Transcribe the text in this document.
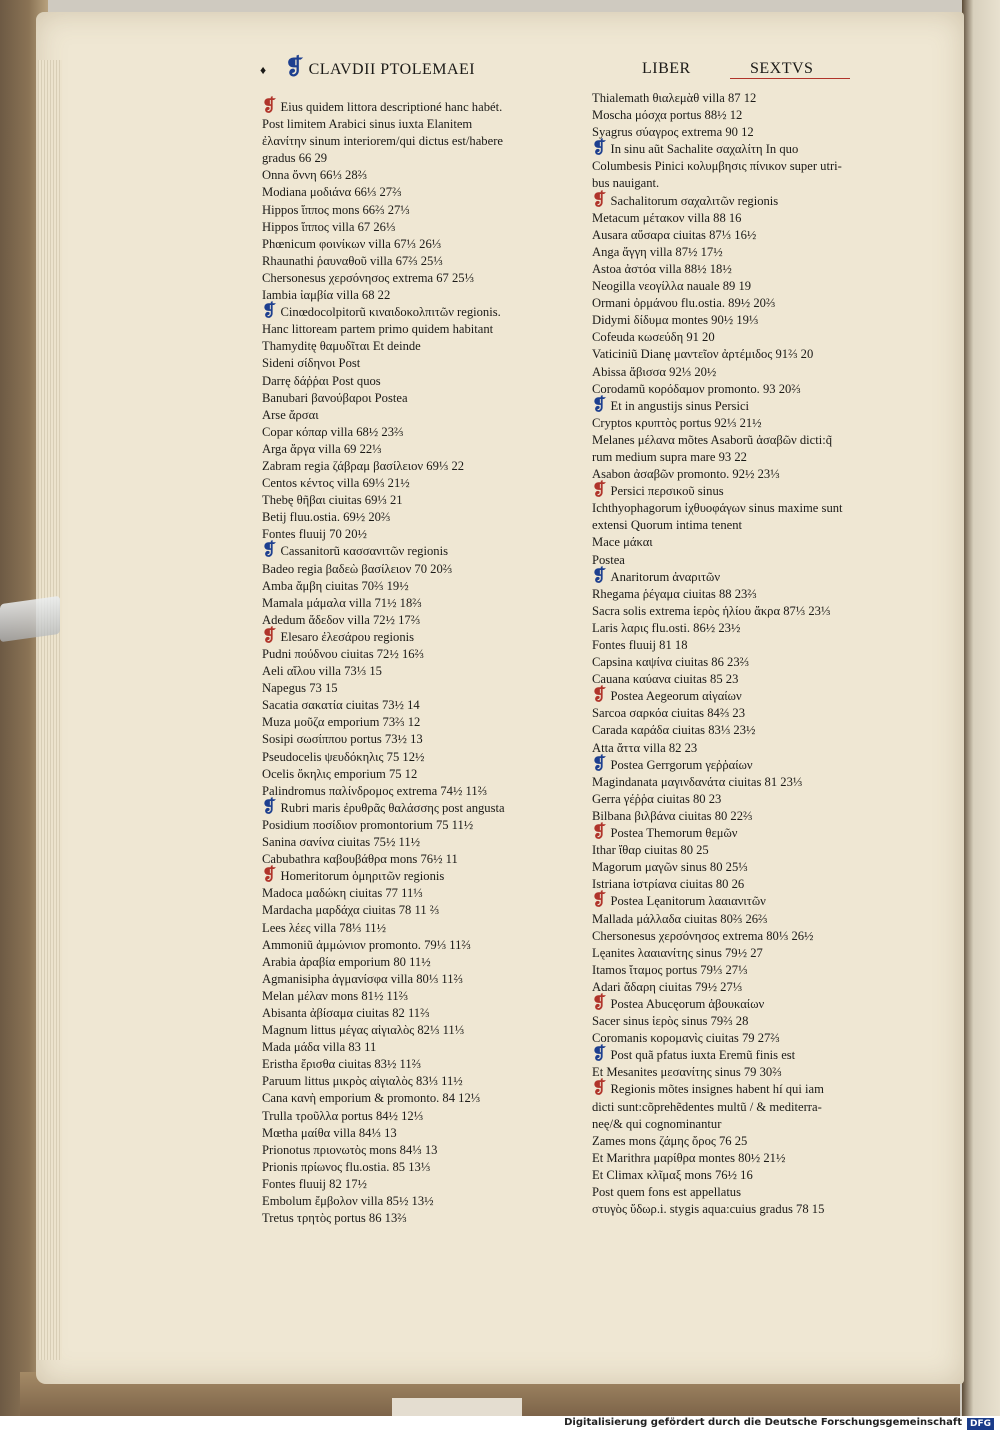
♦ ❡ CLAVDII PTOLEMAEI	LIBER	SEXTVS
❡ Eius quidem littora descriptioné hanc habét.
Post limitem Arabici sinus iuxta Elanitem
ἐλανίτην sinum interiorem/qui dictus est/habere
gradus 66 29
Onna ὄννη 66⅓ 28⅔
Modiana μοδιάνα 66⅓ 27⅔
Hippos ἵππος mons 66⅔ 27⅓
Hippos ἵππος villa 67 26⅓
Phœnicum φοινίκων villa 67⅓ 26⅓
Rhaunathi ῥαυναθοῦ villa 67⅔ 25⅓
Chersonesus χερσόνησος extrema 67 25⅓
Iambia ἰαμβία villa 68 22
❡ Cinœdocolpitorũ κιναιδοκολπιτῶν regionis.
Hanc littoream partem primo quidem habitant
Thamyditę θαμυδῖται Et deinde
Sideni σίδηνοι Post
Darrę δάῤῥαι Post quos
Banubari βανούβαροι Postea
Arse ἄρσαι
Copar κόπαρ villa 68½ 23⅔
Arga ἄργα villa 69 22⅓
Zabram regia ζάβραμ βασίλειον 69⅓ 22
Centos κέντος villa 69⅓ 21½
Thebę θῆβαι ciuitas 69⅓ 21
Betij fluu.ostia. 69½ 20⅔
Fontes fluuij 70 20½
❡ Cassanitorũ κασσανιτῶν regionis
Badeo regia βαδεὼ βασίλειον 70 20⅔
Amba ἄμβη ciuitas 70⅔ 19½
Mamala μάμαλα villa 71½ 18⅔
Adedum ἄδεδον villa 72½ 17⅔
❡ Elesaro ἐλεσάρου regionis
Pudni πούδνου ciuitas 72½ 16⅔
Aeli αἴλου villa 73⅓ 15
Napegus 73 15
Sacatia σακατία ciuitas 73½ 14
Muza μοῦζα emporium 73⅔ 12
Sosipi σωσίππου portus 73½ 13
Pseudocelis ψευδόκηλις 75 12½
Ocelis ὄκηλις emporium 75 12
Palindromus παλίνδρομος extrema 74½ 11⅔
❡ Rubri maris ἐρυθρᾶς θαλάσσης post angusta
Posidium ποσίδιον promontorium 75 11½
Sanina σανίνα ciuitas 75½ 11½
Cabubathra καβουβάθρα mons 76½ 11
❡ Homeritorum ὁμηριτῶν regionis
Madoca μαδώκη ciuitas 77 11⅓
Mardacha μαρδάχα ciuitas 78 11 ⅔
Lees λέες villa 78⅓ 11½
Ammoniũ ἀμμώνιον promonto. 79⅓ 11⅔
Arabia ἀραβία emporium 80 11½
Agmanisipha ἀγμανίσφα villa 80⅓ 11⅔
Melan μέλαν mons 81½ 11⅔
Abisanta ἀβίσαμα ciuitas 82 11⅔
Magnum littus μέγας αἰγιαλὸς 82⅓ 11⅓
Mada μάδα villa 83 11
Eristha ἔρισθα ciuitas 83½ 11⅔
Paruum littus μικρὸς αἰγιαλὸς 83⅓ 11½
Cana κανὴ emporium & promonto. 84 12⅓
Trulla τροῦλλα portus 84½ 12⅓
Mœtha μαίθα villa 84⅓ 13
Prionotus πριονωτὸς mons 84⅓ 13
Prionis πρίωνος flu.ostia. 85 13⅓
Fontes fluuij 82 17½
Embolum ἔμβολον villa 85½ 13½
Tretus τρητὸς portus 86 13⅔
Thialemath θιαλεμὰθ villa 87 12
Moscha μόσχα portus 88½ 12
Syagrus σύαγρος extrema 90 12
❡ In sinu aũt Sachalite σαχαλίτη In quo
Columbesis Pinici κολυμβησις πίνικον super utri-
bus nauigant.
❡ Sachalitorum σαχαλιτῶν regionis
Metacum μέτακον villa 88 16
Ausara αὔσαρα ciuitas 87⅓ 16½
Anga ἄγγη villa 87½ 17½
Astoa ἀστόα villa 88½ 18½
Neogilla νεογίλλα nauale 89 19
Ormani ὀρμάνου flu.ostia. 89½ 20⅔
Didymi δίδυμα montes 90½ 19⅓
Cofeuda κωσεύδη 91 20
Vaticiniũ Dianę μαντεῖον ἀρτέμιδος 91⅔ 20
Abissa ἄβισσα 92⅓ 20½
Corodamũ κορόδαμον promonto. 93 20⅔
❡ Et in angustijs sinus Persici
Cryptos κρυπτὸς portus 92⅓ 21½
Melanes μέλανα mõtes Asaborũ ἀσαβῶν dicti:q̃
rum medium supra mare 93 22
Asabon ἀσαβῶν promonto. 92½ 23⅓
❡ Persici περσικοῦ sinus
Ichthyophagorum ἰχθυοφάγων sinus maxime sunt
extensi Quorum intima tenent
Mace μάκαι
Postea
❡ Anaritorum ἀναριτῶν
Rhegama ῥέγαμα ciuitas 88 23⅔
Sacra solis extrema ἱερὸς ἡλίου ἄκρα 87⅓ 23⅓
Laris λαρις flu.osti. 86½ 23½
Fontes fluuij 81 18
Capsina καψίνα ciuitas 86 23⅔
Cauana καύανα ciuitas 85 23
❡ Postea Aegeorum αἰγαίων
Sarcoa σαρκόα ciuitas 84⅔ 23
Carada καράδα ciuitas 83⅓ 23½
Atta ἄττα villa 82 23
❡ Postea Gerrgorum γεῤῥαίων
Magindanata μαγινδανάτα ciuitas 81 23⅓
Gerra γέῤῥα ciuitas 80 23
Bilbana βιλβάνα ciuitas 80 22⅔
❡ Postea Themorum θεμῶν
Ithar ἴθαρ ciuitas 80 25
Magorum μαγῶν sinus 80 25⅓
Istriana ἰστρίανα ciuitas 80 26
❡ Postea Lęanitorum λααιανιτῶν
Mallada μάλλαδα ciuitas 80⅔ 26⅔
Chersonesus χερσόνησος extrema 80⅓ 26½
Lęanites λααιανίτης sinus 79½ 27
Itamos ἴταμος portus 79⅓ 27⅓
Adari ἄδαρη ciuitas 79½ 27⅓
❡ Postea Abucęorum ἀβουκαίων
Sacer sinus ἱερὸς sinus 79⅔ 28
Coromanis κορομανὶς ciuitas 79 27⅔
❡ Post quã pfatus iuxta Eremũ finis est
Et Mesanites μεσανίτης sinus 79 30⅔
❡ Regionis mõtes insignes habent hí qui iam
dicti sunt:cõprehẽdentes multũ / & mediterra-
neę/& qui cognominantur
Zames mons ζάμης ὄρος 76 25
Et Marithra μαρίθρα montes 80½ 21½
Et Climax κλῖμαξ mons 76½ 16
Post quem fons est appellatus
στυγὸς ὕδωρ.i. stygis aqua:cuius gradus 78 15
Digitalisierung gefördert durch die Deutsche Forschungsgemeinschaft DFG
